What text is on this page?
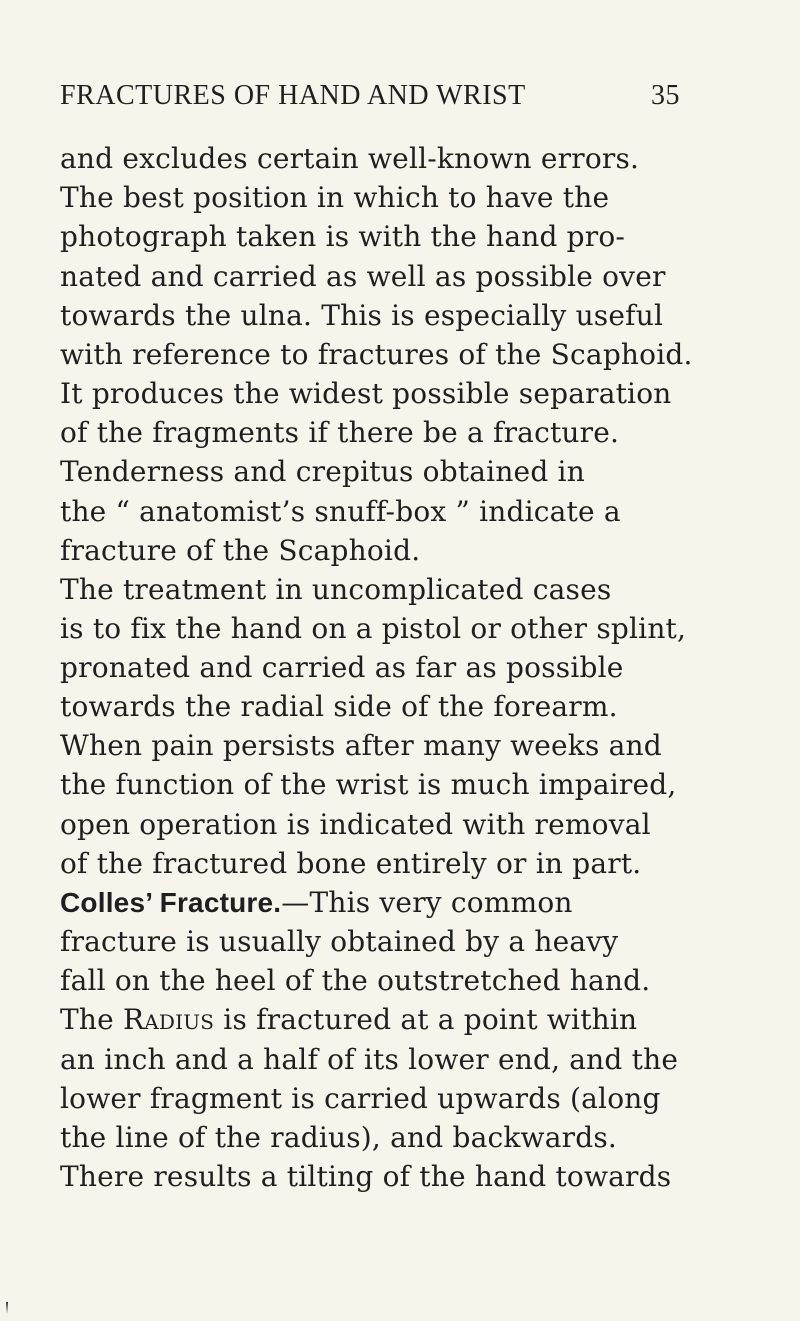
FRACTURES OF HAND AND WRIST	35
and excludes certain well-known errors.
The best position in which to have the
photograph taken is with the hand pro-
nated and carried as well as possible over
towards the ulna. This is especially useful
with reference to fractures of the Scaphoid.
It produces the widest possible separation
of the fragments if there be a fracture.
Tenderness and crepitus obtained in
the “ anatomist’s snuff-box ” indicate a
fracture of the Scaphoid.
The treatment in uncomplicated cases
is to fix the hand on a pistol or other splint,
pronated and carried as far as possible
towards the radial side of the forearm.
When pain persists after many weeks and
the function of the wrist is much impaired,
open operation is indicated with removal
of the fractured bone entirely or in part.
Colles’ Fracture.—This very common
fracture is usually obtained by a heavy
fall on the heel of the outstretched hand.
The Radius is fractured at a point within
an inch and a half of its lower end, and the
lower fragment is carried upwards (along
the line of the radius), and backwards.
There results a tilting of the hand towards
